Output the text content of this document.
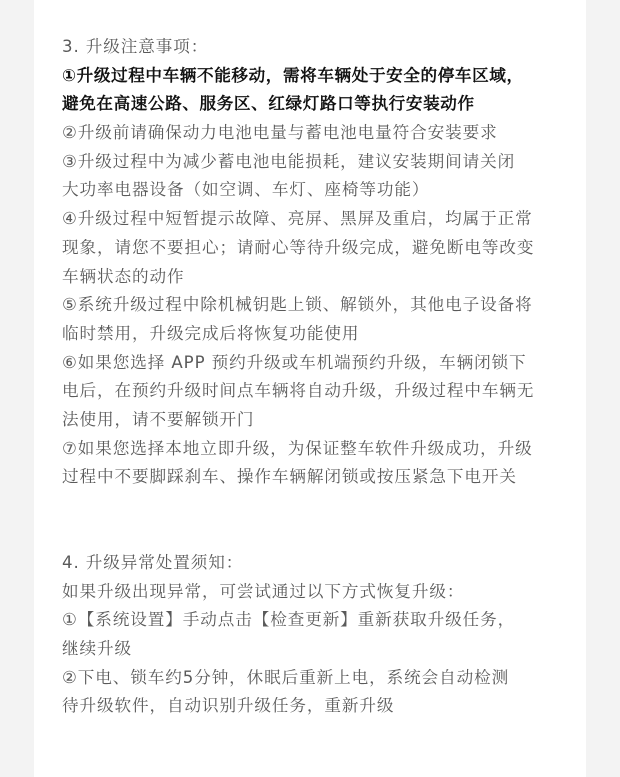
3. 升级注意事项：
①升级过程中车辆不能移动，需将车辆处于安全的停车区域，
避免在高速公路、服务区、红绿灯路口等执行安装动作
②升级前请确保动力电池电量与蓄电池电量符合安装要求
③升级过程中为减少蓄电池电能损耗，建议安装期间请关闭
大功率电器设备（如空调、车灯、座椅等功能）
④升级过程中短暂提示故障、亮屏、黑屏及重启，均属于正常
现象，请您不要担心；请耐心等待升级完成，避免断电等改变
车辆状态的动作
⑤系统升级过程中除机械钥匙上锁、解锁外，其他电子设备将
临时禁用，升级完成后将恢复功能使用
⑥如果您选择 APP 预约升级或车机端预约升级，车辆闭锁下
电后，在预约升级时间点车辆将自动升级，升级过程中车辆无
法使用，请不要解锁开门
⑦如果您选择本地立即升级，为保证整车软件升级成功，升级
过程中不要脚踩刹车、操作车辆解闭锁或按压紧急下电开关
4. 升级异常处置须知：
如果升级出现异常，可尝试通过以下方式恢复升级：
①【系统设置】手动点击【检查更新】重新获取升级任务，
继续升级
②下电、锁车约5分钟，休眠后重新上电，系统会自动检测
待升级软件，自动识别升级任务，重新升级
